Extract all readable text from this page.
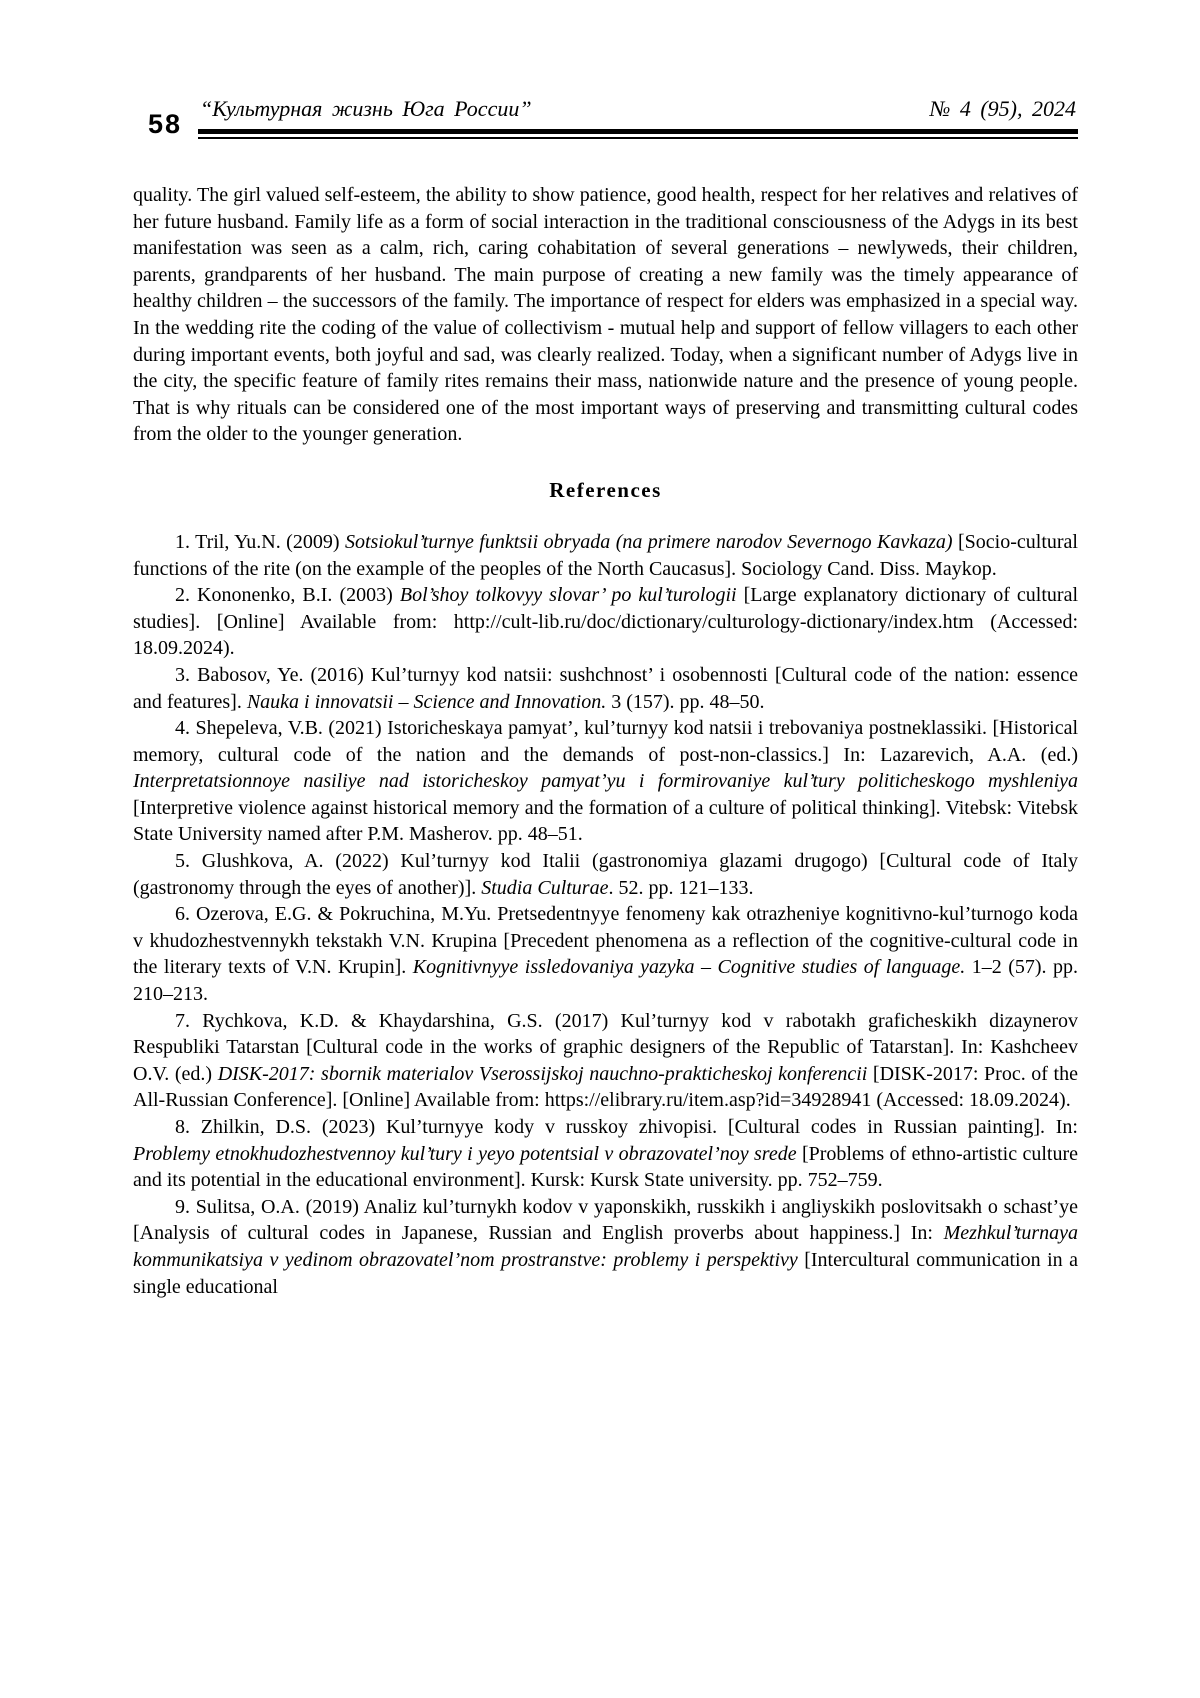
58
“Культурная жизнь Юга России”	№ 4 (95), 2024

quality. The girl valued self-esteem, the ability to show patience, good health, respect for her relatives and relatives of her future husband. Family life as a form of social interaction in the traditional consciousness of the Adygs in its best manifestation was seen as a calm, rich, caring cohabitation of several generations – newlyweds, their children, parents, grandparents of her husband. The main purpose of creating a new family was the timely appearance of healthy children – the successors of the family. The importance of respect for elders was emphasized in a special way. In the wedding rite the coding of the value of collectivism - mutual help and support of fellow villagers to each other during important events, both joyful and sad, was clearly realized. Today, when a significant number of Adygs live in the city, the specific feature of family rites remains their mass, nationwide nature and the presence of young people. That is why rituals can be considered one of the most important ways of preserving and transmitting cultural codes from the older to the younger generation.

References

1. Tril, Yu.N. (2009) Sotsiokul’turnye funktsii obryada (na primere narodov Severnogo Kavkaza) [Socio-cultural functions of the rite (on the example of the peoples of the North Caucasus]. Sociology Cand. Diss. Maykop.

2. Kononenko, B.I. (2003) Bol’shoy tolkovyy slovar’ po kul’turologii [Large explanatory dictionary of cultural studies]. [Online] Available from: http://cult-lib.ru/doc/​dictionary/culturology-dictionary/index.htm (Accessed: 18.09.2024).

3. Babosov, Ye. (2016) Kul’turnyy kod natsii: sushchnost’ i osobennosti [Cultural code of the nation: essence and features]. Nauka i innovatsii – Science and Innovation. 3 (157). pp. 48–50.

4. Shepeleva, V.B. (2021) Istoricheskaya pamyat’, kul’turnyy kod natsii i trebovaniya postneklassiki. [Historical memory, cultural code of the nation and the demands of post-non-classics.] In: Lazarevich, A.A. (ed.) Interpretatsionnoye nasiliye nad istoricheskoy pamyat’yu i formirovaniye kul’tury politicheskogo myshleniya [Interpretive violence against historical memory and the formation of a culture of political thinking]. Vitebsk: Vitebsk State University named after P.M. Masherov. pp. 48–51.

5. Glushkova, A. (2022) Kul’turnyy kod Italii (gastronomiya glazami drugogo) [Cultural code of Italy (gastronomy through the eyes of another)]. Studia Culturae. 52. pp. 121–133.

6. Ozerova, E.G. & Pokruchina, M.Yu. Pretsedentnyye fenomeny kak otrazheniye kognitivno-kul’turnogo koda v khudozhestvennykh tekstakh V.N. Krupina [Precedent phenomena as a reflection of the cognitive-cultural code in the literary texts of V.N. Krupin]. Kognitivnyye issledovaniya yazyka – Cognitive studies of language. 1–2 (57). pp. 210–213.

7. Rychkova, K.D. & Khaydarshina, G.S. (2017) Kul’turnyy kod v rabotakh graficheskikh dizaynerov Respubliki Tatarstan [Cultural code in the works of graphic designers of the Republic of Tatarstan]. In: Kashcheev O.V. (ed.) DISK-2017: sbornik materialov Vserossijskoj nauchno-prakticheskoj konferencii [DISK-2017: Proc. of the All-Russian Conference]. [Online] Available from: https://elibrary.ru/item.asp?id=34928941 (Accessed: 18.09.2024).

8. Zhilkin, D.S. (2023) Kul’turnyye kody v russkoy zhivopisi. [Cultural codes in Russian painting]. In: Problemy etnokhudozhestvennoy kul’tury i yeyo potentsial v obrazovatel’noy srede [Problems of ethno-artistic culture and its potential in the educational environment]. Kursk: Kursk State university. pp. 752–759.

9. Sulitsa, O.A. (2019) Analiz kul’turnykh kodov v yaponskikh, russkikh i angliyskikh poslovitsakh o schast’ye [Analysis of cultural codes in Japanese, Russian and English proverbs about happiness.] In: Mezhkul’turnaya kommunikatsiya v yedinom obrazovatel’nom prostranstve: problemy i perspektivy [Intercultural communication in a single educational
